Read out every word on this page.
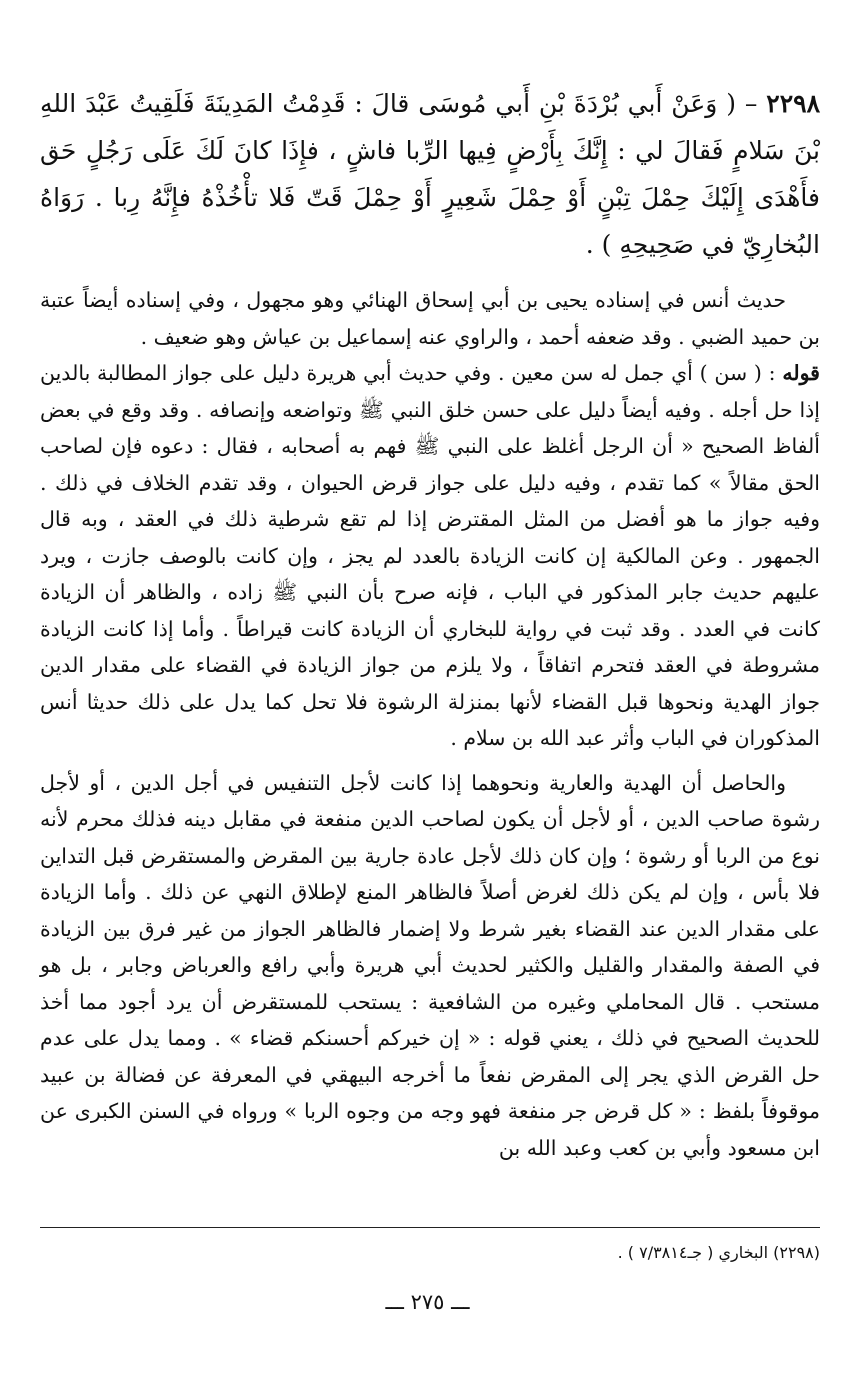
٢٢٩٨ – ( وَعَنْ أَبي بُرْدَةَ بْنِ أَبي مُوسَى قالَ : قَدِمْتُ المَدِينَةَ فَلَقِيتُ عَبْدَ اللهِ بْنَ سَلامٍ فَقالَ لي : إِنَّكَ بِأَرْضٍ فِيها الرِّبا فاشٍ ، فإِذَا كانَ لَكَ عَلَى رَجُلٍ حَق فأَهْدَى إِلَيْكَ حِمْلَ تِبْنٍ أَوْ حِمْلَ شَعِيرٍ أَوْ حِمْلَ قَتّ فَلا تأْخُذْهُ فإِنَّهُ رِبا . رَوَاهُ البُخارِيّ في صَحِيحِهِ ) .

حديث أنس في إسناده يحيى بن أبي إسحاق الهنائي وهو مجهول ، وفي إسناده أيضاً عتبة بن حميد الضبي . وقد ضعفه أحمد ، والراوي عنه إسماعيل بن عياش وهو ضعيف .

قوله : ( سن ) أي جمل له سن معين . وفي حديث أبي هريرة دليل على جواز المطالبة بالدين إذا حل أجله . وفيه أيضاً دليل على حسن خلق النبي ﷺ وتواضعه وإنصافه . وقد وقع في بعض ألفاظ الصحيح « أن الرجل أغلظ على النبي ﷺ فهم به أصحابه ، فقال : دعوه فإن لصاحب الحق مقالاً » كما تقدم ، وفيه دليل على جواز قرض الحيوان ، وقد تقدم الخلاف في ذلك . وفيه جواز ما هو أفضل من المثل المقترض إذا لم تقع شرطية ذلك في العقد ، وبه قال الجمهور . وعن المالكية إن كانت الزيادة بالعدد لم يجز ، وإن كانت بالوصف جازت ، ويرد عليهم حديث جابر المذكور في الباب ، فإنه صرح بأن النبي ﷺ زاده ، والظاهر أن الزيادة كانت في العدد . وقد ثبت في رواية للبخاري أن الزيادة كانت قيراطاً . وأما إذا كانت الزيادة مشروطة في العقد فتحرم اتفاقاً ، ولا يلزم من جواز الزيادة في القضاء على مقدار الدين جواز الهدية ونحوها قبل القضاء لأنها بمنزلة الرشوة فلا تحل كما يدل على ذلك حديثا أنس المذكوران في الباب وأثر عبد الله بن سلام .

والحاصل أن الهدية والعارية ونحوهما إذا كانت لأجل التنفيس في أجل الدين ، أو لأجل رشوة صاحب الدين ، أو لأجل أن يكون لصاحب الدين منفعة في مقابل دينه فذلك محرم لأنه نوع من الربا أو رشوة ؛ وإن كان ذلك لأجل عادة جارية بين المقرض والمستقرض قبل التداين فلا بأس ، وإن لم يكن ذلك لغرض أصلاً فالظاهر المنع لإطلاق النهي عن ذلك . وأما الزيادة على مقدار الدين عند القضاء بغير شرط ولا إضمار فالظاهر الجواز من غير فرق بين الزيادة في الصفة والمقدار والقليل والكثير لحديث أبي هريرة وأبي رافع والعرباض وجابر ، بل هو مستحب . قال المحاملي وغيره من الشافعية : يستحب للمستقرض أن يرد أجود مما أخذ للحديث الصحيح في ذلك ، يعني قوله : « إن خيركم أحسنكم قضاء » . ومما يدل على عدم حل القرض الذي يجر إلى المقرض نفعاً ما أخرجه البيهقي في المعرفة عن فضالة بن عبيد موقوفاً بلفظ : « كل قرض جر منفعة فهو وجه من وجوه الربا » ورواه في السنن الكبرى عن ابن مسعود وأبي بن كعب وعبد الله بن

(٢٢٩٨) البخاري ( جـ٧/٣٨١٤ ) .
ـــ ٢٧٥ ـــ
